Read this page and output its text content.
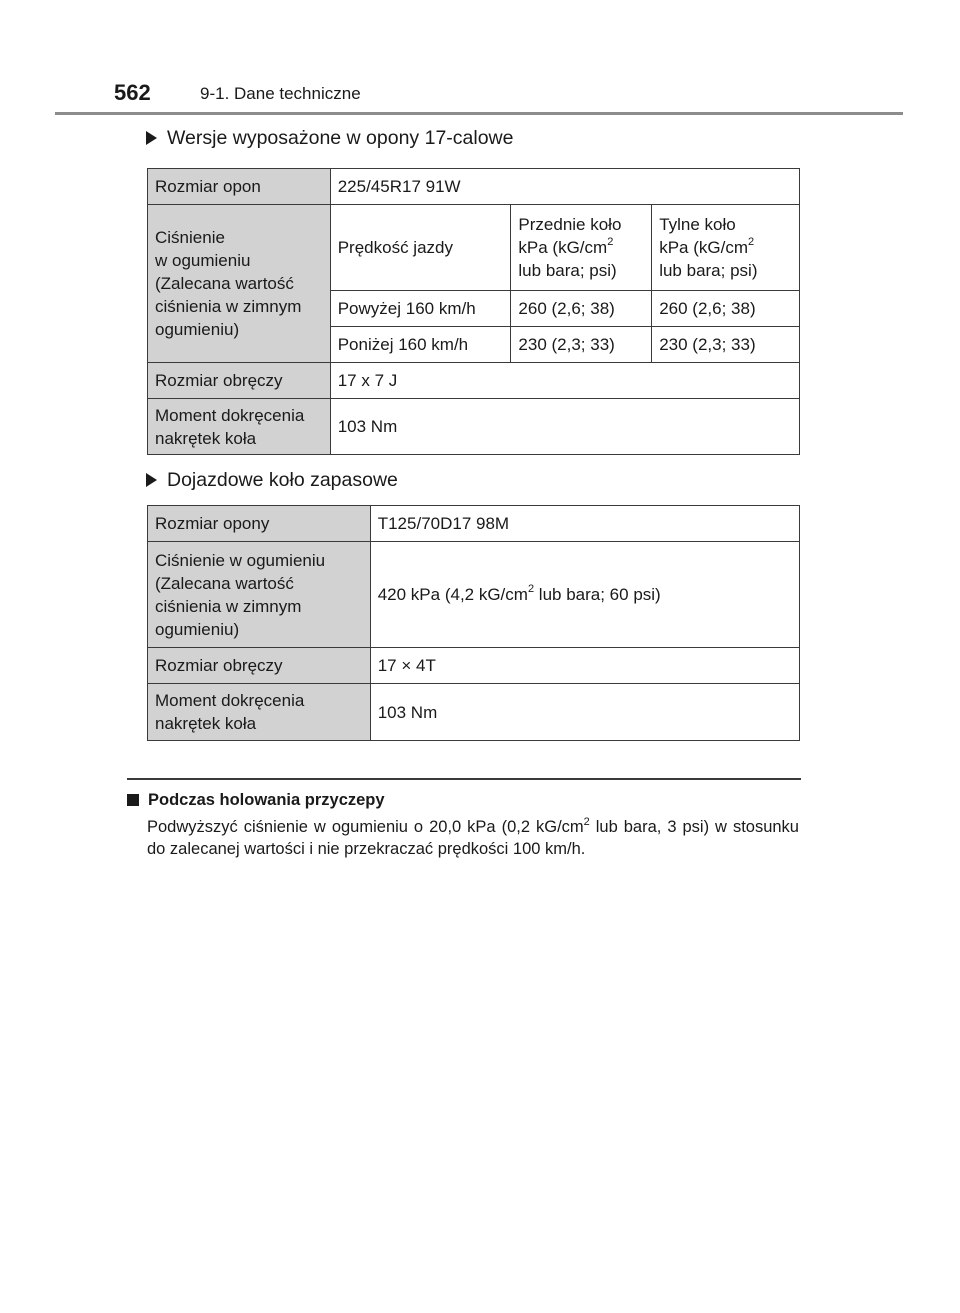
562	9-1. Dane techniczne
Wersje wyposażone w opony 17-calowe
Rozmiar opon	225/45R17 91W		
Ciśnienie
w ogumieniu
(Zalecana wartość
ciśnienia w zimnym
ogumieniu)	Prędkość jazdy	Przednie koło
kPa ($kG/cm^2$
lub bara; psi)	Tylne koło
kPa ($kG/cm^2$
lub bara; psi)
	Powyżej 160 km/h	260 (2,6; 38)	260 (2,6; 38)
	Poniżej 160 km/h	230 (2,3; 33)	230 (2,3; 33)
Rozmiar obręczy	17 x 7 J		
Moment dokręcenia
nakrętek koła	103 Nm		
Dojazdowe koło zapasowe
Rozmiar opony	T125/70D17 98M
Ciśnienie w ogumieniu
(Zalecana wartość
ciśnienia w zimnym
ogumieniu)	420 kPa (4,2 $kG/cm^2$ lub bara; 60 psi)
Rozmiar obręczy	17 × 4T
Moment dokręcenia
nakrętek koła	103 Nm
Podczas holowania przyczepy
Podwyższyć ciśnienie w ogumieniu o 20,0 kPa (0,2 $kG/cm^2$ lub bara, 3 psi) w stosunku do zalecanej wartości i nie przekraczać prędkości 100 km/h.
